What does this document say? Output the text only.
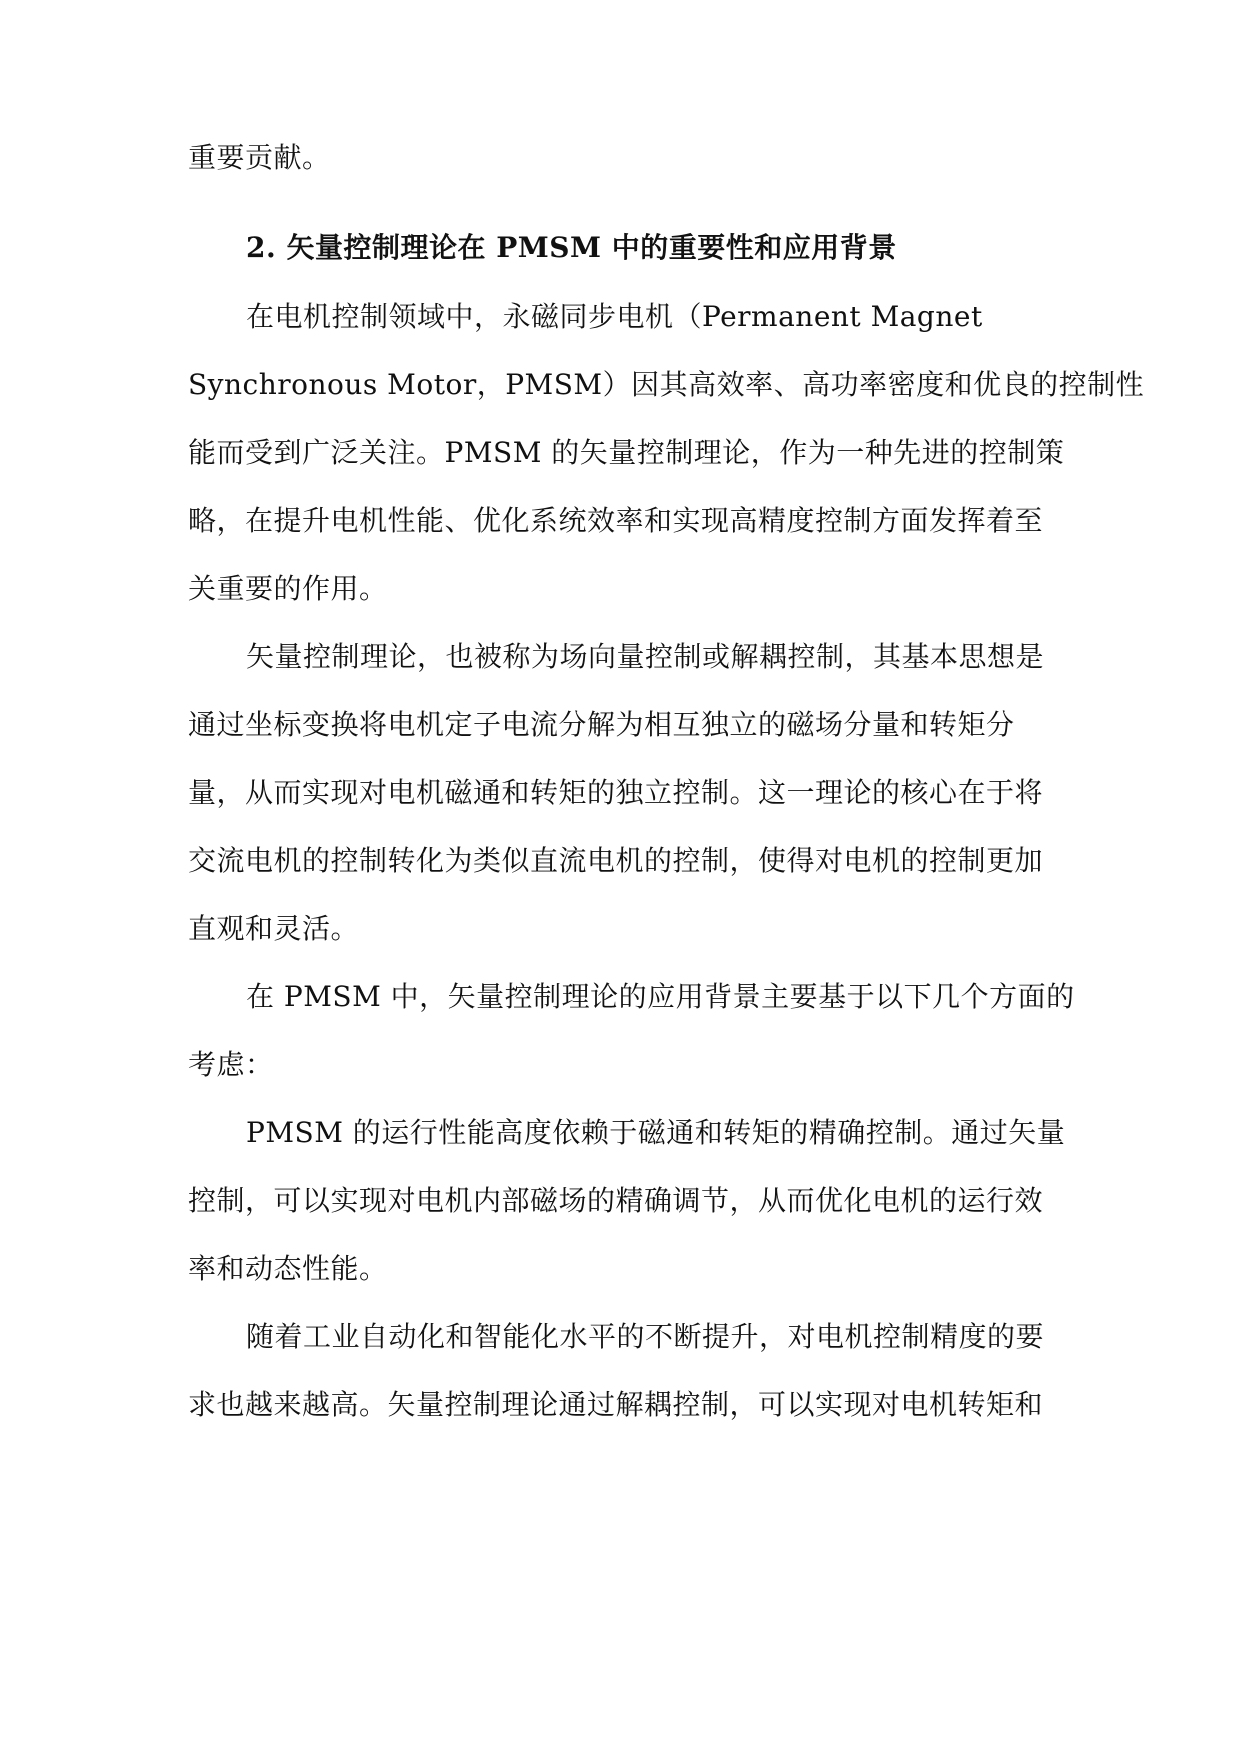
重要贡献。
2. 矢量控制理论在 PMSM 中的重要性和应用背景
在电机控制领域中，永磁同步电机（Permanent Magnet
Synchronous Motor，PMSM）因其高效率、高功率密度和优良的控制性
能而受到广泛关注。PMSM 的矢量控制理论，作为一种先进的控制策
略，在提升电机性能、优化系统效率和实现高精度控制方面发挥着至
关重要的作用。
矢量控制理论，也被称为场向量控制或解耦控制，其基本思想是
通过坐标变换将电机定子电流分解为相互独立的磁场分量和转矩分
量，从而实现对电机磁通和转矩的独立控制。这一理论的核心在于将
交流电机的控制转化为类似直流电机的控制，使得对电机的控制更加
直观和灵活。
在 PMSM 中，矢量控制理论的应用背景主要基于以下几个方面的
考虑：
PMSM 的运行性能高度依赖于磁通和转矩的精确控制。通过矢量
控制，可以实现对电机内部磁场的精确调节，从而优化电机的运行效
率和动态性能。
随着工业自动化和智能化水平的不断提升，对电机控制精度的要
求也越来越高。矢量控制理论通过解耦控制，可以实现对电机转矩和
